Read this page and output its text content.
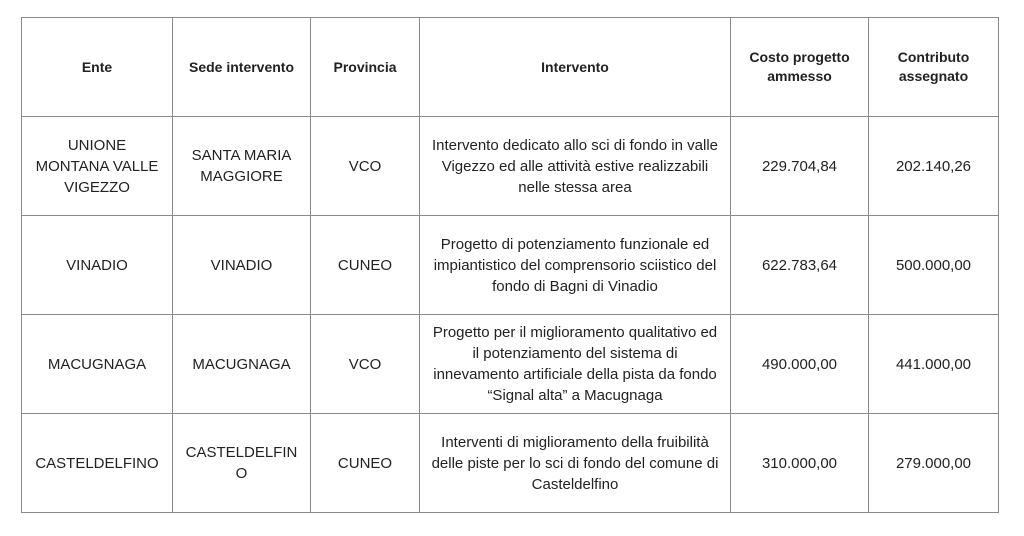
Ente	Sede intervento	Provincia	Intervento	Costo progetto ammesso	Contributo assegnato
UNIONE MONTANA VALLE VIGEZZO	SANTA MARIA MAGGIORE	VCO	Intervento dedicato allo sci di fondo in valle Vigezzo ed alle attività estive realizzabili nelle stessa area	229.704,84	202.140,26
VINADIO	VINADIO	CUNEO	Progetto di potenziamento funzionale ed impiantistico del comprensorio sciistico del fondo di Bagni di Vinadio	622.783,64	500.000,00
MACUGNAGA	MACUGNAGA	VCO	Progetto per il miglioramento qualitativo ed il potenziamento del sistema di innevamento artificiale della pista da fondo “Signal alta” a Macugnaga	490.000,00	441.000,00
CASTELDELFINO	CASTELDELFINO	CUNEO	Interventi di miglioramento della fruibilità delle piste per lo sci di fondo del comune di Casteldelfino	310.000,00	279.000,00
